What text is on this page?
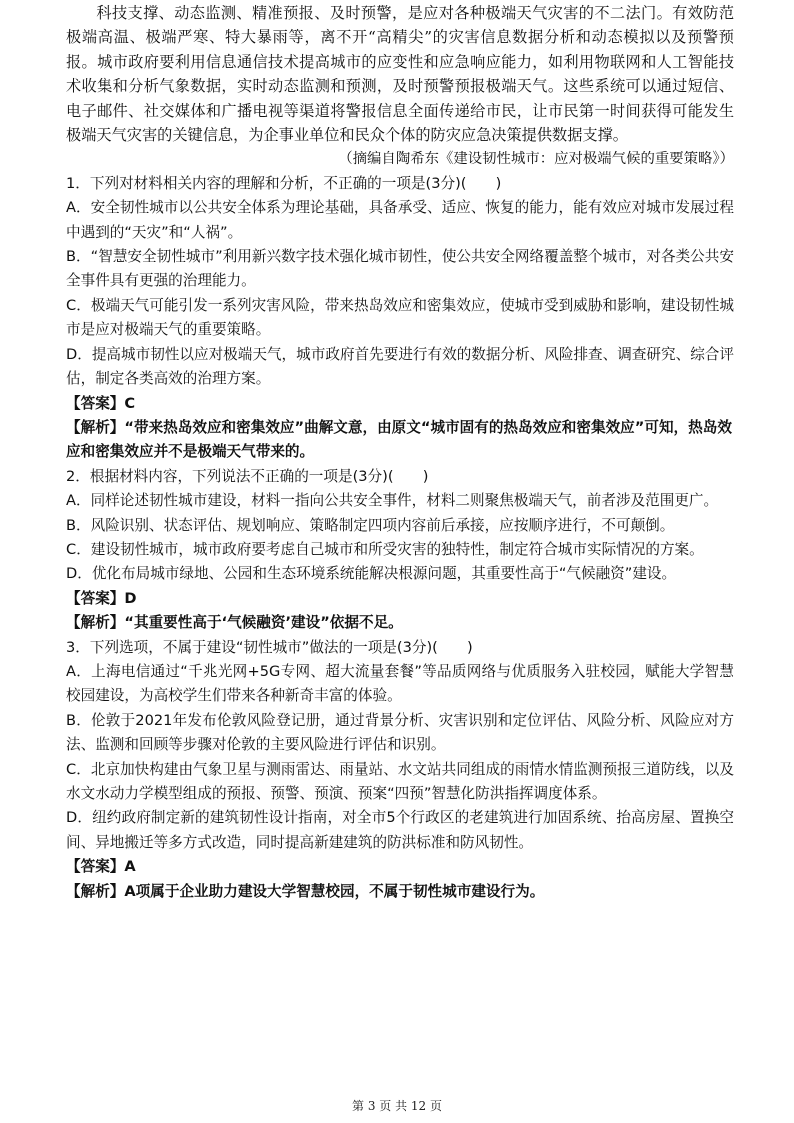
科技支撑、动态监测、精准预报、及时预警，是应对各种极端天气灾害的不二法门。有效防范极端高温、极端严寒、特大暴雨等，离不开“高精尖”的灾害信息数据分析和动态模拟以及预警预报。城市政府要利用信息通信技术提高城市的应变性和应急响应能力，如利用物联网和人工智能技术收集和分析气象数据，实时动态监测和预测，及时预警预报极端天气。这些系统可以通过短信、电子邮件、社交媒体和广播电视等渠道将警报信息全面传递给市民，让市民第一时间获得可能发生极端天气灾害的关键信息，为企事业单位和民众个体的防灾应急决策提供数据支撑。

（摘编自陶希东《建设韧性城市：应对极端气候的重要策略》）

1．下列对材料相关内容的理解和分析，不正确的一项是(3分)(　　)

A．安全韧性城市以公共安全体系为理论基础，具备承受、适应、恢复的能力，能有效应对城市发展过程中遇到的“天灾”和“人祸”。

B．“智慧安全韧性城市”利用新兴数字技术强化城市韧性，使公共安全网络覆盖整个城市，对各类公共安全事件具有更强的治理能力。

C．极端天气可能引发一系列灾害风险，带来热岛效应和密集效应，使城市受到威胁和影响，建设韧性城市是应对极端天气的重要策略。

D．提高城市韧性以应对极端天气，城市政府首先要进行有效的数据分析、风险排查、调查研究、综合评估，制定各类高效的治理方案。

【答案】C

【解析】“带来热岛效应和密集效应”曲解文意，由原文“城市固有的热岛效应和密集效应”可知，热岛效应和密集效应并不是极端天气带来的。

2．根据材料内容，下列说法不正确的一项是(3分)(　　)

A．同样论述韧性城市建设，材料一指向公共安全事件，材料二则聚焦极端天气，前者涉及范围更广。

B．风险识别、状态评估、规划响应、策略制定四项内容前后承接，应按顺序进行，不可颠倒。

C．建设韧性城市，城市政府要考虑自己城市和所受灾害的独特性，制定符合城市实际情况的方案。

D．优化布局城市绿地、公园和生态环境系统能解决根源问题，其重要性高于“气候融资”建设。

【答案】D

【解析】“其重要性高于‘气候融资’建设”依据不足。

3．下列选项，不属于建设“韧性城市”做法的一项是(3分)(　　)

A．上海电信通过“千兆光网+5G专网、超大流量套餐”等品质网络与优质服务入驻校园，赋能大学智慧校园建设，为高校学生们带来各种新奇丰富的体验。

B．伦敦于2021年发布伦敦风险登记册，通过背景分析、灾害识别和定位评估、风险分析、风险应对方法、监测和回顾等步骤对伦敦的主要风险进行评估和识别。

C．北京加快构建由气象卫星与测雨雷达、雨量站、水文站共同组成的雨情水情监测预报三道防线，以及水文水动力学模型组成的预报、预警、预演、预案“四预”智慧化防洪指挥调度体系。

D．纽约政府制定新的建筑韧性设计指南，对全市5个行政区的老建筑进行加固系统、抬高房屋、置换空间、异地搬迁等多方式改造，同时提高新建建筑的防洪标准和防风韧性。

【答案】A

【解析】A项属于企业助力建设大学智慧校园，不属于韧性城市建设行为。

第 3 页 共 12 页
